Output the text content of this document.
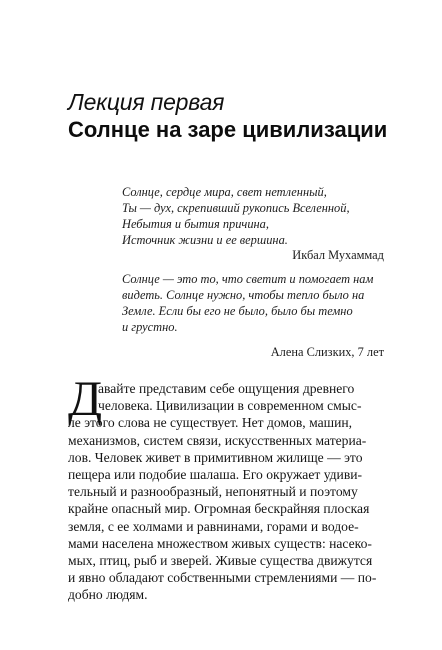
Лекция первая
Солнце на заре цивилизации
Солнце, сердце мира, свет нетленный,
Ты — дух, скрепивший рукопись Вселенной,
Небытия и бытия причина,
Источник жизни и ее вершина.
Икбал Мухаммад
Солнце — это то, что светит и помогает нам
видеть. Солнце нужно, чтобы тепло было на
Земле. Если бы его не было, было бы темно
и грустно.
Алена Слизких, 7 лет
Д
авайте представим себе ощущения древнего
человека. Цивилизации в современном смыс-
ле этого слова не существует. Нет домов, машин,
механизмов, систем связи, искусственных материа-
лов. Человек живет в примитивном жилище — это
пещера или подобие шалаша. Его окружает удиви-
тельный и разнообразный, непонятный и поэтому
крайне опасный мир. Огромная бескрайняя плоская
земля, с ее холмами и равнинами, горами и водое-
мами населена множеством живых существ: насеко-
мых, птиц, рыб и зверей. Живые существа движутся
и явно обладают собственными стремлениями — по-
добно людям.
